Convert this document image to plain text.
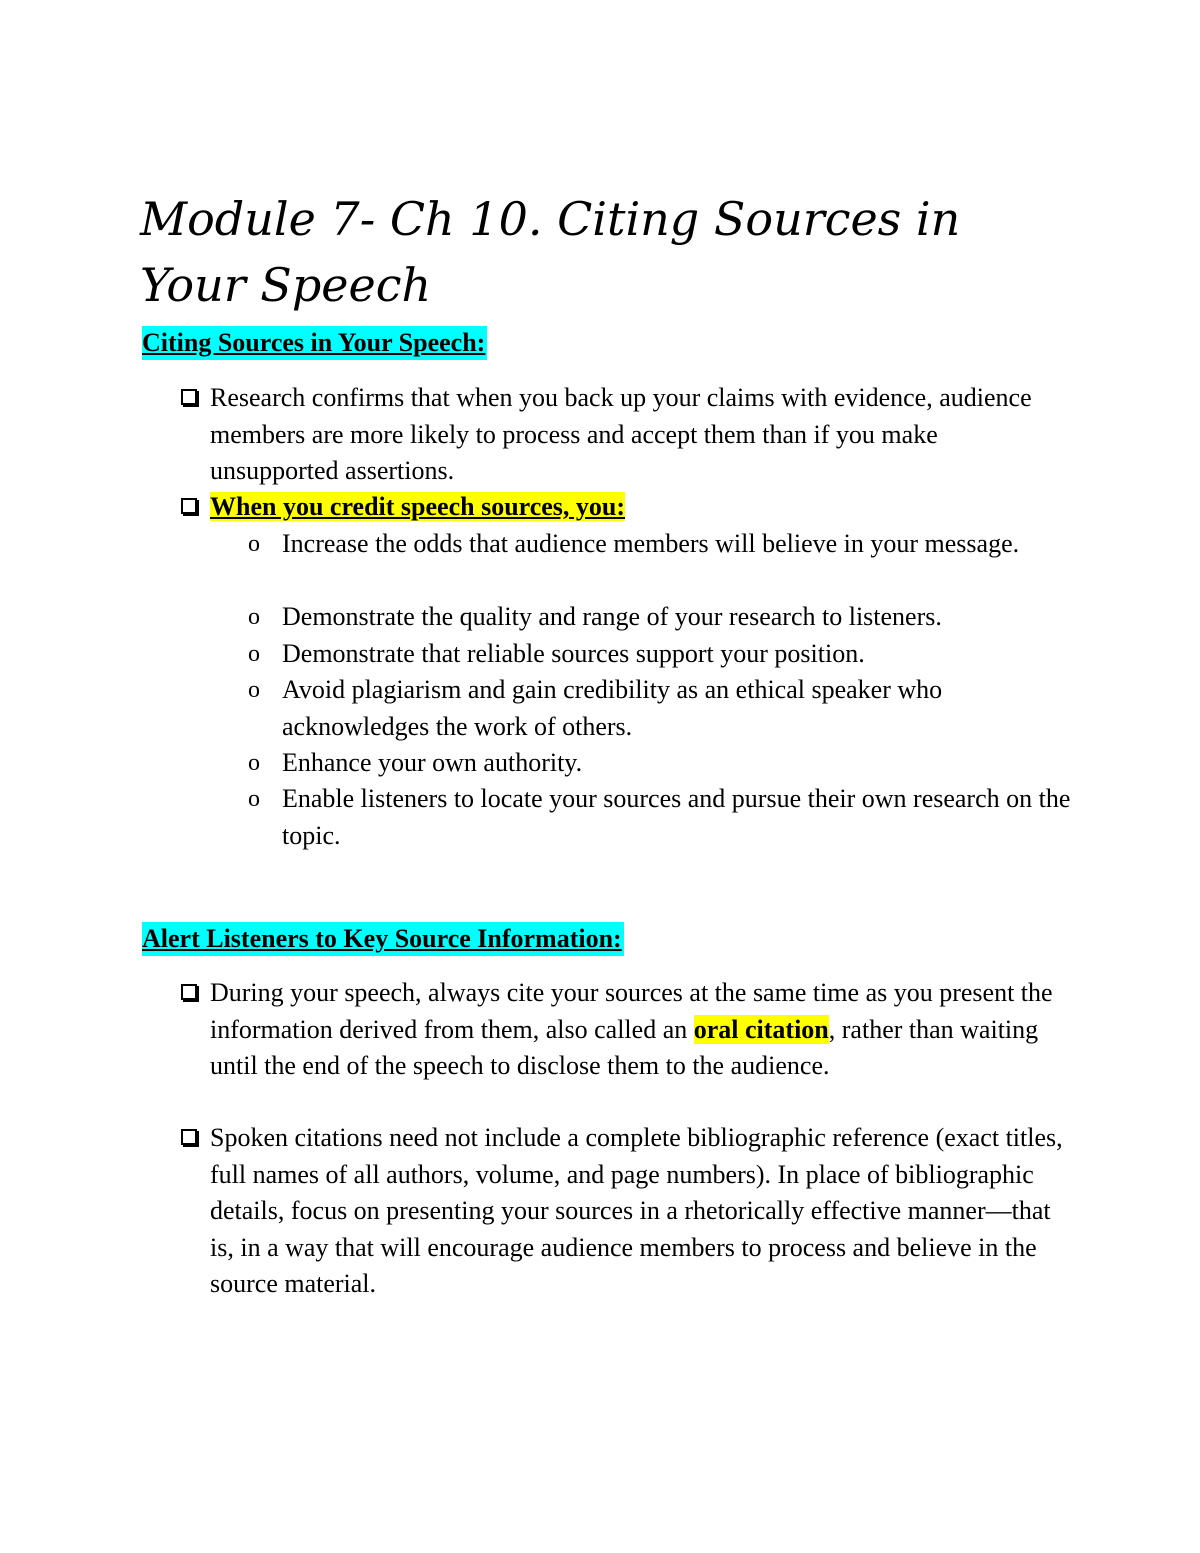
Module 7- Ch 10. Citing Sources in Your Speech
Citing Sources in Your Speech:
Research confirms that when you back up your claims with evidence, audience members are more likely to process and accept them than if you make unsupported assertions.
When you credit speech sources, you:
o Increase the odds that audience members will believe in your message.
o Demonstrate the quality and range of your research to listeners.
o Demonstrate that reliable sources support your position.
o Avoid plagiarism and gain credibility as an ethical speaker who acknowledges the work of others.
o Enhance your own authority.
o Enable listeners to locate your sources and pursue their own research on the topic.
Alert Listeners to Key Source Information:
During your speech, always cite your sources at the same time as you present the information derived from them, also called an oral citation, rather than waiting until the end of the speech to disclose them to the audience.
Spoken citations need not include a complete bibliographic reference (exact titles, full names of all authors, volume, and page numbers). In place of bibliographic details, focus on presenting your sources in a rhetorically effective manner—that is, in a way that will encourage audience members to process and believe in the source material.
